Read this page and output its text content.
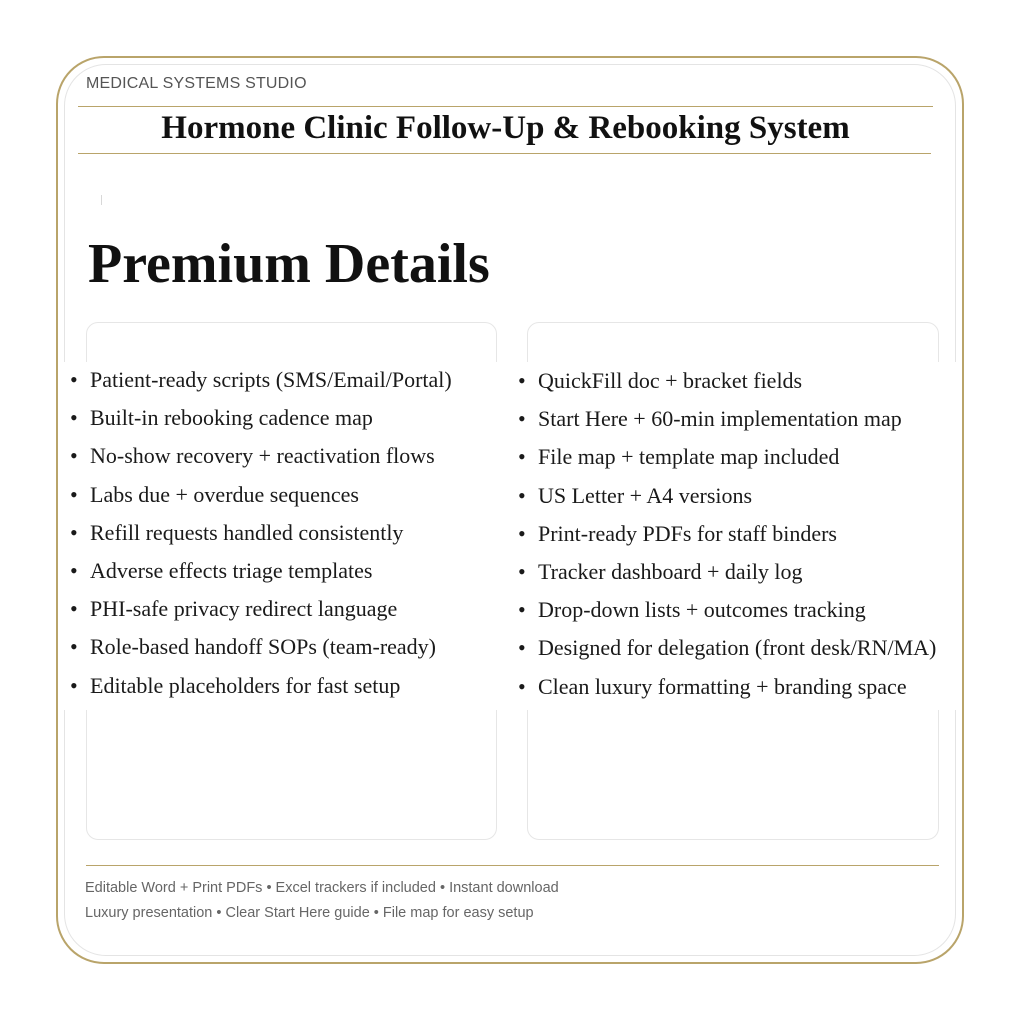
MEDICAL SYSTEMS STUDIO
Hormone Clinic Follow-Up & Rebooking System
Premium Details
• Patient-ready scripts (SMS/Email/Portal)
• Built-in rebooking cadence map
• No-show recovery + reactivation flows
• Labs due + overdue sequences
• Refill requests handled consistently
• Adverse effects triage templates
• PHI-safe privacy redirect language
• Role-based handoff SOPs (team-ready)
• Editable placeholders for fast setup
• QuickFill doc + bracket fields
• Start Here + 60-min implementation map
• File map + template map included
• US Letter + A4 versions
• Print-ready PDFs for staff binders
• Tracker dashboard + daily log
• Drop-down lists + outcomes tracking
• Designed for delegation (front desk/RN/MA)
• Clean luxury formatting + branding space
Editable Word + Print PDFs • Excel trackers if included • Instant download
Luxury presentation • Clear Start Here guide • File map for easy setup
